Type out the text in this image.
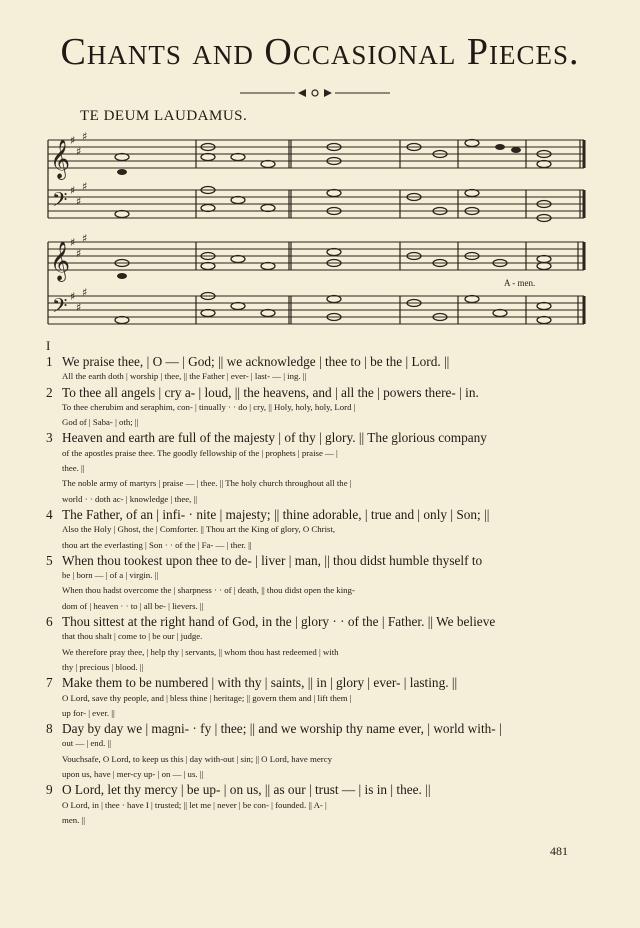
Chants and Occasional Pieces.
TE DEUM LAUDAMUS.
𝄞
𝄢
♯
♯
♯
♯
♯
♯
𝄞
𝄢
♯
♯
♯
♯
♯
♯
A - men.
I
1 We praise thee, | O — | God; || we acknowledge | thee to | be the | Lord. ||
All the earth doth | worship | thee, || the Father | ever- | last- — | ing. ||
2 To thee all angels | cry a- | loud, || the heavens, and | all the | powers there- | in.
To thee cherubim and seraphim, con- | tinually · · do | cry, || Holy, holy, holy, Lord |
God of | Saba- | oth; ||
3 Heaven and earth are full of the majesty | of thy | glory. || The glorious company
of the apostles praise thee. The goodly fellowship of the | prophets | praise — |
thee. ||
The noble army of martyrs | praise — | thee. || The holy church throughout all the |
world · · doth ac- | knowledge | thee, ||
4 The Father, of an | infi- · nite | majesty; || thine adorable, | true and | only | Son; ||
Also the Holy | Ghost, the | Comforter. || Thou art the King of glory, O Christ,
thou art the everlasting | Son · · of the | Fa- — | ther. ||
5 When thou tookest upon thee to de- | liver | man, || thou didst humble thyself to
be | born — | of a | virgin. ||
When thou hadst overcome the | sharpness · · of | death, || thou didst open the king-
dom of | heaven · · to | all be- | lievers. ||
6 Thou sittest at the right hand of God, in the | glory · · of the | Father. || We believe
that thou shalt | come to | be our | judge.
We therefore pray thee, | help thy | servants, || whom thou hast redeemed | with
thy | precious | blood. ||
7 Make them to be numbered | with thy | saints, || in | glory | ever- | lasting. ||
O Lord, save thy people, and | bless thine | heritage; || govern them and | lift them |
up for- | ever. ||
8 Day by day we | magni- · fy | thee; || and we worship thy name ever, | world with- |
out — | end. ||
Vouchsafe, O Lord, to keep us this | day with-out | sin; || O Lord, have mercy
upon us, have | mer-cy up- | on — | us. ||
9 O Lord, let thy mercy | be up- | on us, || as our | trust — | is in | thee. ||
O Lord, in | thee · have I | trusted; || let me | never | be con- | founded. || A- |
men. ||
481
